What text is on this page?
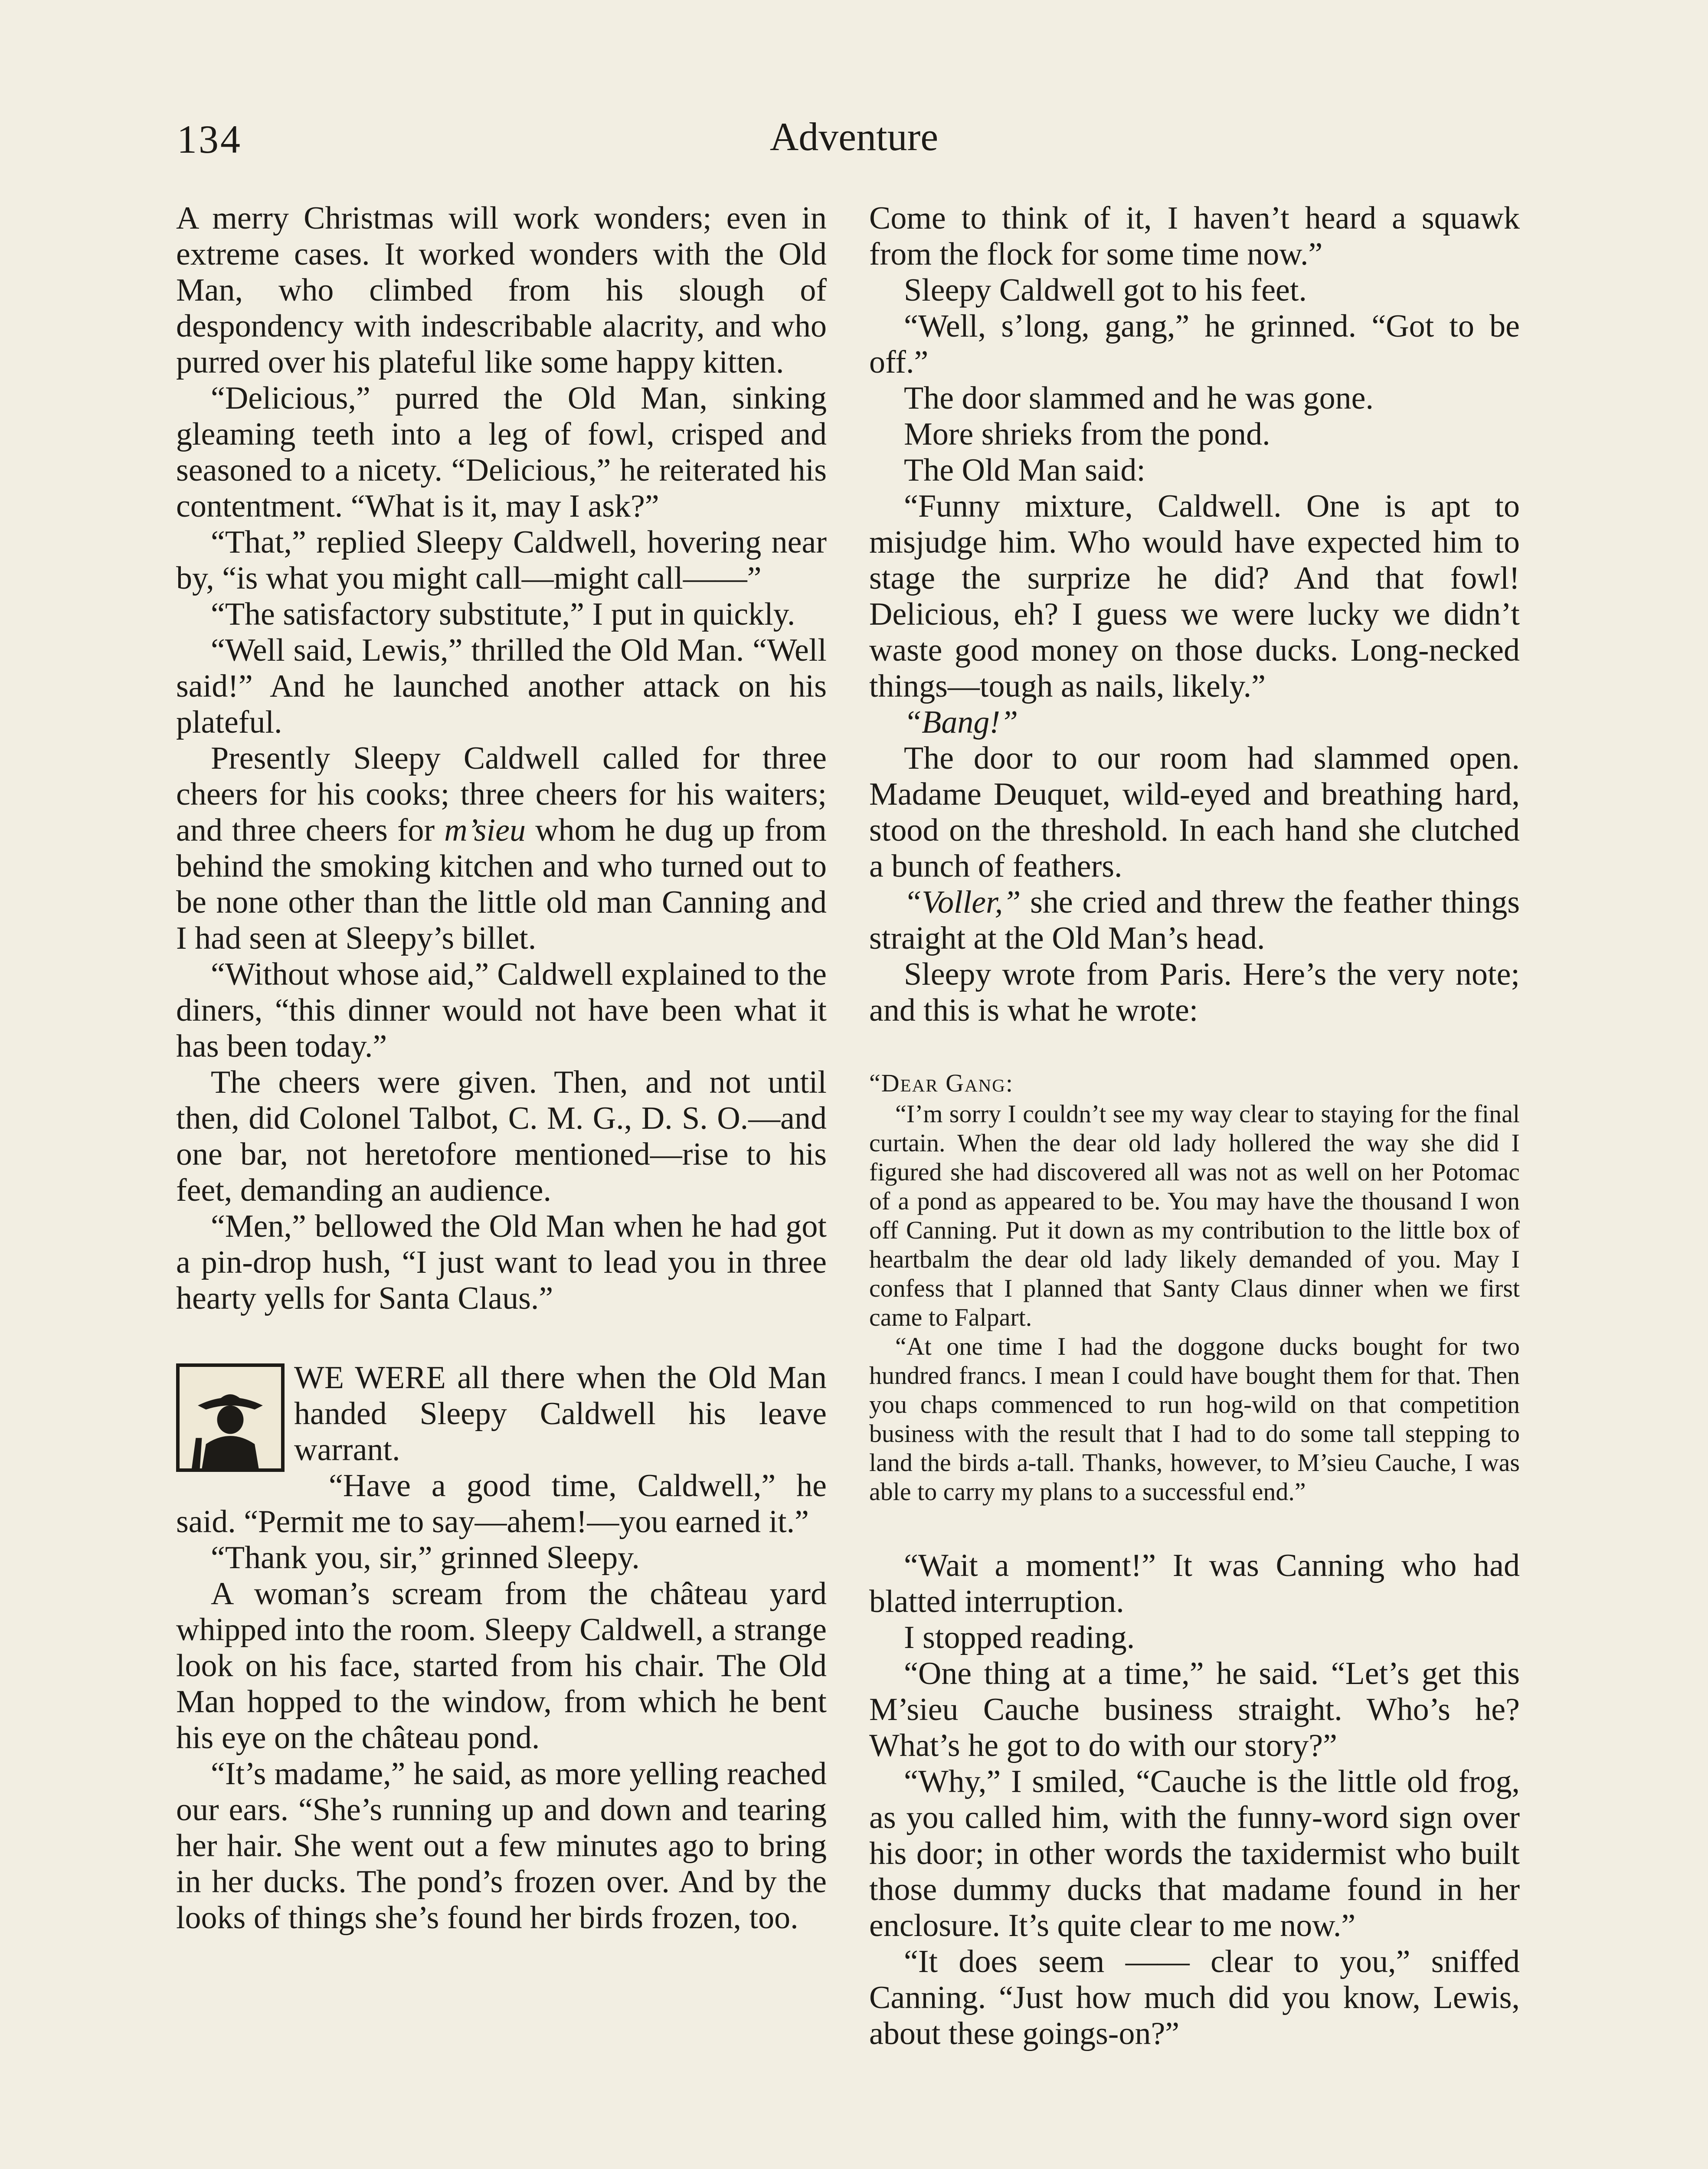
134	Adventure

A merry Christmas will work wonders; even in extreme cases. It worked wonders with the Old Man, who climbed from his slough of despondency with indescribable alacrity, and who purred over his plateful like some happy kitten.

“Delicious,” purred the Old Man, sinking gleaming teeth into a leg of fowl, crisped and seasoned to a nicety. “Delicious,” he reiterated his contentment. “What is it, may I ask?”

“That,” replied Sleepy Caldwell, hovering near by, “is what you might call—might call——”

“The satisfactory substitute,” I put in quickly.

“Well said, Lewis,” thrilled the Old Man. “Well said!” And he launched another attack on his plateful.

Presently Sleepy Caldwell called for three cheers for his cooks; three cheers for his waiters; and three cheers for m’sieu whom he dug up from behind the smoking kitchen and who turned out to be none other than the little old man Canning and I had seen at Sleepy’s billet.

“Without whose aid,” Caldwell explained to the diners, “this dinner would not have been what it has been today.”

The cheers were given. Then, and not until then, did Colonel Talbot, C. M. G., D. S. O.—and one bar, not heretofore mentioned—rise to his feet, demanding an audience.

“Men,” bellowed the Old Man when he had got a pin-drop hush, “I just want to lead you in three hearty yells for Santa Claus.”

WE WERE all there when the Old Man handed Sleepy Caldwell his leave warrant.

“Have a good time, Caldwell,” he said. “Permit me to say—ahem!—you earned it.”

“Thank you, sir,” grinned Sleepy.

A woman’s scream from the château yard whipped into the room. Sleepy Caldwell, a strange look on his face, started from his chair. The Old Man hopped to the window, from which he bent his eye on the château pond.

“It’s madame,” he said, as more yelling reached our ears. “She’s running up and down and tearing her hair. She went out a few minutes ago to bring in her ducks. The pond’s frozen over. And by the looks of things she’s found her birds frozen, too.

Come to think of it, I haven’t heard a squawk from the flock for some time now.”

Sleepy Caldwell got to his feet.

“Well, s’long, gang,” he grinned. “Got to be off.”

The door slammed and he was gone.

More shrieks from the pond.

The Old Man said:

“Funny mixture, Caldwell. One is apt to misjudge him. Who would have expected him to stage the surprize he did? And that fowl! Delicious, eh? I guess we were lucky we didn’t waste good money on those ducks. Long-necked things—tough as nails, likely.”

“Bang!”

The door to our room had slammed open. Madame Deuquet, wild-eyed and breathing hard, stood on the threshold. In each hand she clutched a bunch of feathers.

“Voller,” she cried and threw the feather things straight at the Old Man’s head.

Sleepy wrote from Paris. Here’s the very note; and this is what he wrote:

“Dear Gang:

“I’m sorry I couldn’t see my way clear to staying for the final curtain. When the dear old lady hollered the way she did I figured she had discovered all was not as well on her Potomac of a pond as appeared to be. You may have the thousand I won off Canning. Put it down as my contribution to the little box of heartbalm the dear old lady likely demanded of you. May I confess that I planned that Santy Claus dinner when we first came to Falpart.

“At one time I had the doggone ducks bought for two hundred francs. I mean I could have bought them for that. Then you chaps commenced to run hog-wild on that competition business with the result that I had to do some tall stepping to land the birds a-tall. Thanks, however, to M’sieu Cauche, I was able to carry my plans to a successful end.”

“Wait a moment!” It was Canning who had blatted interruption.

I stopped reading.

“One thing at a time,” he said. “Let’s get this M’sieu Cauche business straight. Who’s he? What’s he got to do with our story?”

“Why,” I smiled, “Cauche is the little old frog, as you called him, with the funny-word sign over his door; in other words the taxidermist who built those dummy ducks that madame found in her enclosure. It’s quite clear to me now.”

“It does seem —— clear to you,” sniffed Canning. “Just how much did you know, Lewis, about these goings-on?”
